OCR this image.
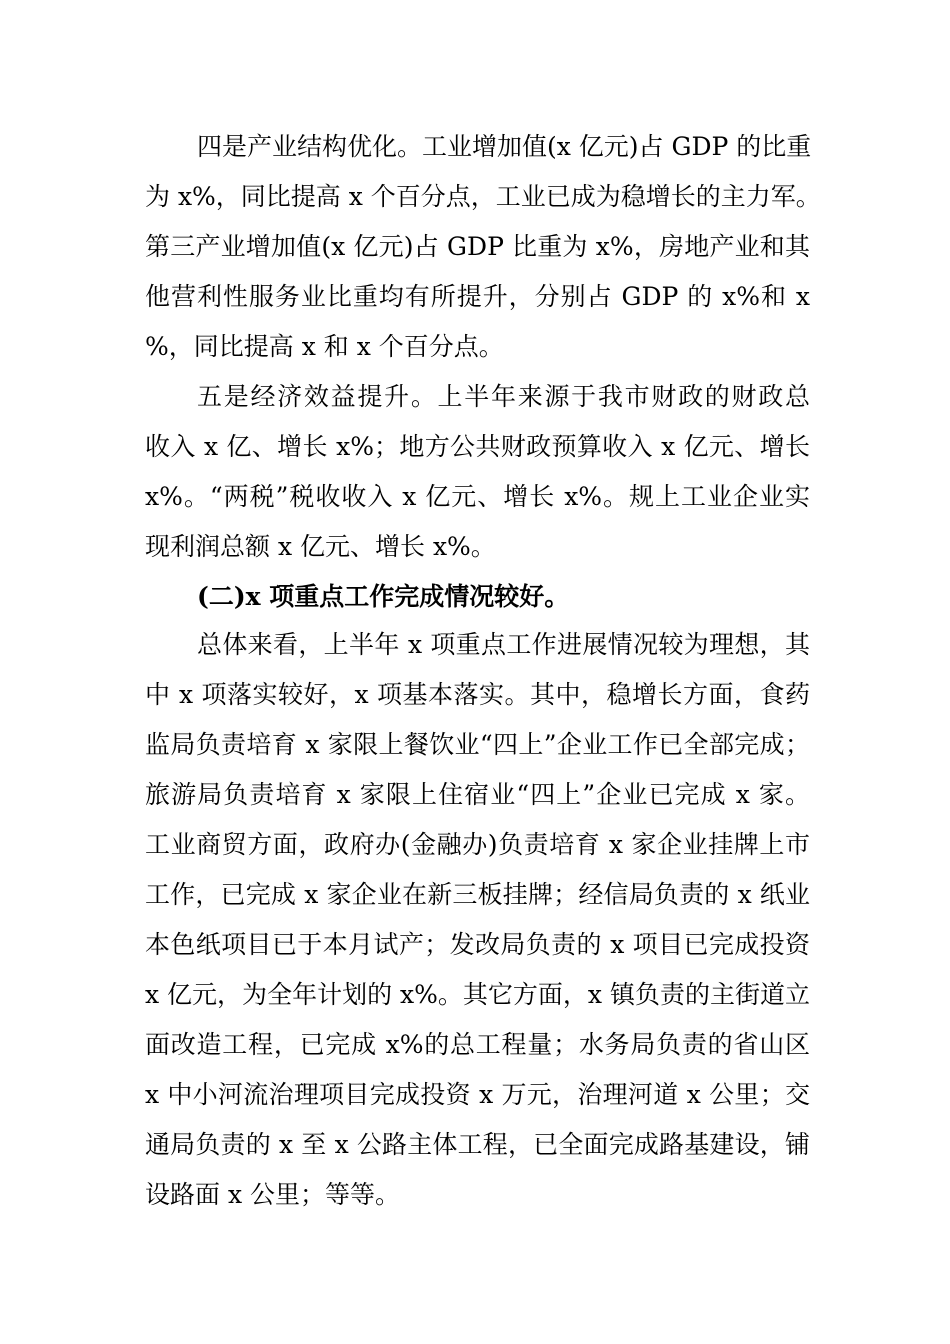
四是产业结构优化。工业增加值(x 亿元)占 GDP 的比重
为 x%，同比提高 x 个百分点，工业已成为稳增长的主力军。
第三产业增加值(x 亿元)占 GDP 比重为 x%，房地产业和其
他营利性服务业比重均有所提升，分别占 GDP 的 x%和 x
%，同比提高 x 和 x 个百分点。
五是经济效益提升。上半年来源于我市财政的财政总
收入 x 亿、增长 x%；地方公共财政预算收入 x 亿元、增长
x%。“两税”税收收入 x 亿元、增长 x%。规上工业企业实
现利润总额 x 亿元、增长 x%。
(二)x 项重点工作完成情况较好。
总体来看，上半年 x 项重点工作进展情况较为理想，其
中 x 项落实较好，x 项基本落实。其中，稳增长方面，食药
监局负责培育 x 家限上餐饮业“四上”企业工作已全部完成；
旅游局负责培育 x 家限上住宿业“四上”企业已完成 x 家。
工业商贸方面，政府办(金融办)负责培育 x 家企业挂牌上市
工作，已完成 x 家企业在新三板挂牌；经信局负责的 x 纸业
本色纸项目已于本月试产；发改局负责的 x 项目已完成投资
x 亿元，为全年计划的 x%。其它方面，x 镇负责的主街道立
面改造工程，已完成 x%的总工程量；水务局负责的省山区
x 中小河流治理项目完成投资 x 万元，治理河道 x 公里；交
通局负责的 x 至 x 公路主体工程，已全面完成路基建设，铺
设路面 x 公里；等等。
